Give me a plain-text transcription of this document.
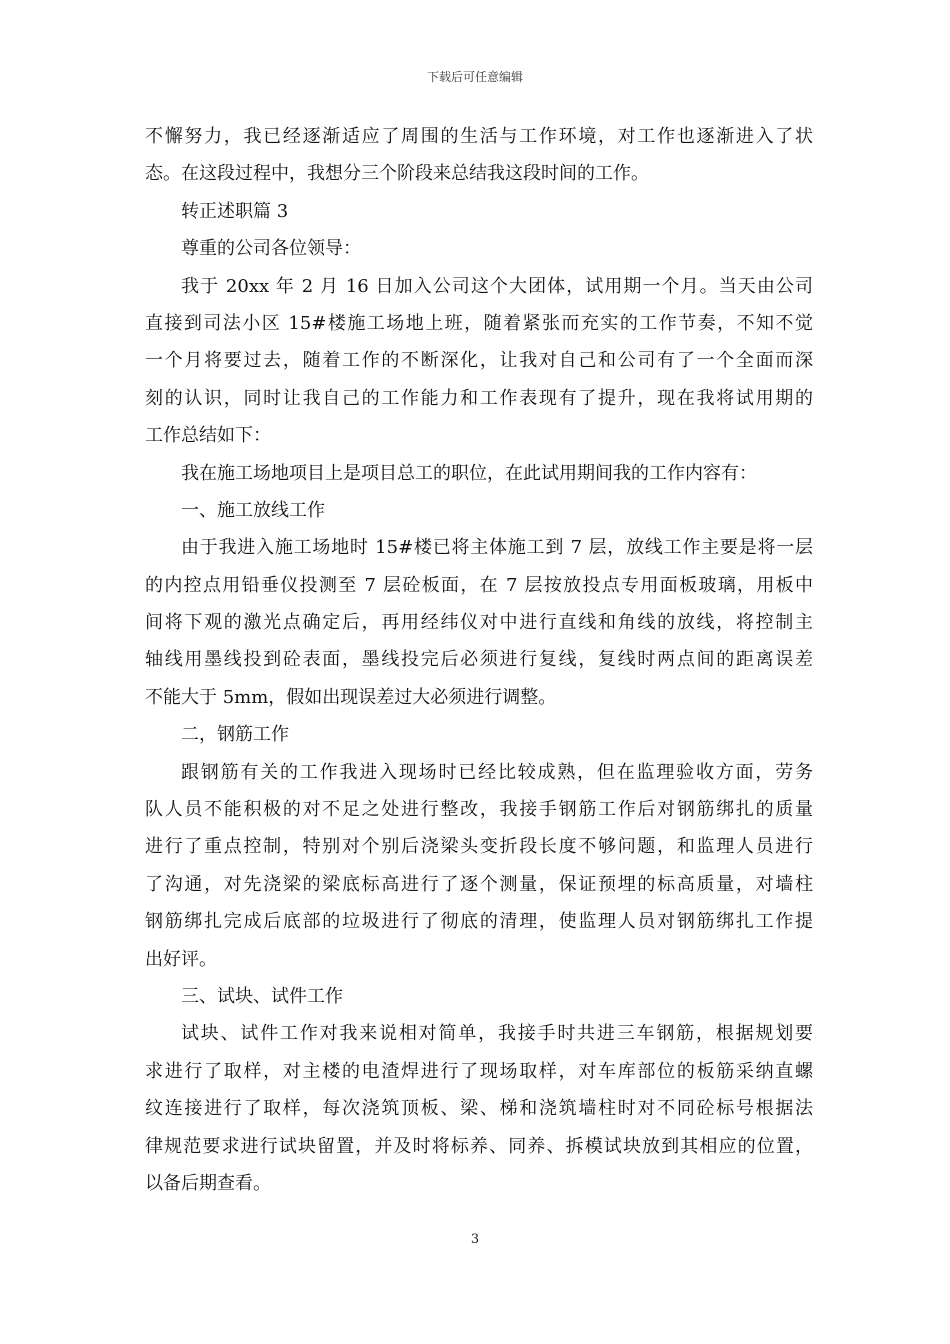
下载后可任意编辑
不懈努力，我已经逐渐适应了周围的生活与工作环境，对工作也逐渐进入了状
态。在这段过程中，我想分三个阶段来总结我这段时间的工作。
转正述职篇 3
尊重的公司各位领导：
我于 20xx 年 2 月 16 日加入公司这个大团体，试用期一个月。当天由公司
直接到司法小区 15#楼施工场地上班，随着紧张而充实的工作节奏，不知不觉
一个月将要过去，随着工作的不断深化，让我对自己和公司有了一个全面而深
刻的认识，同时让我自己的工作能力和工作表现有了提升，现在我将试用期的
工作总结如下：
我在施工场地项目上是项目总工的职位，在此试用期间我的工作内容有：
一、施工放线工作
由于我进入施工场地时 15#楼已将主体施工到 7 层，放线工作主要是将一层
的内控点用铅垂仪投测至 7 层砼板面，在 7 层按放投点专用面板玻璃，用板中
间将下观的激光点确定后，再用经纬仪对中进行直线和角线的放线，将控制主
轴线用墨线投到砼表面，墨线投完后必须进行复线，复线时两点间的距离误差
不能大于 5mm，假如出现误差过大必须进行调整。
二，钢筋工作
跟钢筋有关的工作我进入现场时已经比较成熟，但在监理验收方面，劳务
队人员不能积极的对不足之处进行整改，我接手钢筋工作后对钢筋绑扎的质量
进行了重点控制，特别对个别后浇梁头变折段长度不够问题，和监理人员进行
了沟通，对先浇梁的梁底标高进行了逐个测量，保证预埋的标高质量，对墙柱
钢筋绑扎完成后底部的垃圾进行了彻底的清理，使监理人员对钢筋绑扎工作提
出好评。
三、试块、试件工作
试块、试件工作对我来说相对简单，我接手时共进三车钢筋，根据规划要
求进行了取样，对主楼的电渣焊进行了现场取样，对车库部位的板筋采纳直螺
纹连接进行了取样，每次浇筑顶板、梁、梯和浇筑墙柱时对不同砼标号根据法
律规范要求进行试块留置，并及时将标养、同养、拆模试块放到其相应的位置，
以备后期查看。
3
